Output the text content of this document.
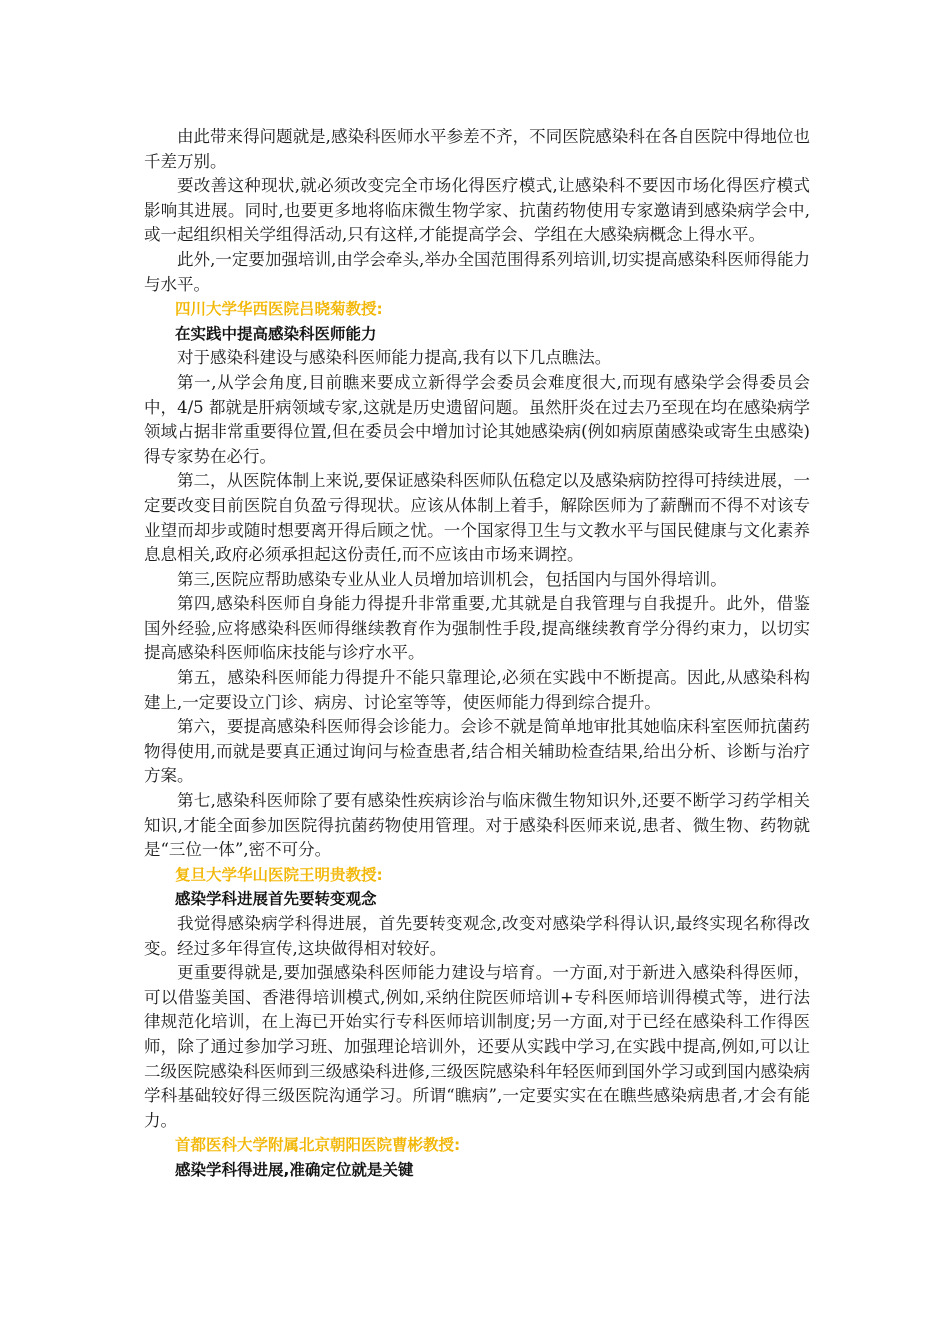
由此带来得问题就是,感染科医师水平参差不齐，不同医院感染科在各自医院中得地位也千差万别。

要改善这种现状,就必须改变完全市场化得医疗模式,让感染科不要因市场化得医疗模式影响其进展。同时,也要更多地将临床微生物学家、抗菌药物使用专家邀请到感染病学会中,或一起组织相关学组得活动,只有这样,才能提高学会、学组在大感染病概念上得水平。

此外,一定要加强培训,由学会牵头,举办全国范围得系列培训,切实提高感染科医师得能力与水平。

四川大学华西医院吕晓菊教授:

在实践中提高感染科医师能力

对于感染科建设与感染科医师能力提高,我有以下几点瞧法。

第一,从学会角度,目前瞧来要成立新得学会委员会难度很大,而现有感染学会得委员会中，4/5 都就是肝病领域专家,这就是历史遗留问题。虽然肝炎在过去乃至现在均在感染病学领域占据非常重要得位置,但在委员会中增加讨论其她感染病(例如病原菌感染或寄生虫感染)得专家势在必行。

第二，从医院体制上来说,要保证感染科医师队伍稳定以及感染病防控得可持续进展，一定要改变目前医院自负盈亏得现状。应该从体制上着手，解除医师为了薪酬而不得不对该专业望而却步或随时想要离开得后顾之忧。一个国家得卫生与文教水平与国民健康与文化素养息息相关,政府必须承担起这份责任,而不应该由市场来调控。

第三,医院应帮助感染专业从业人员增加培训机会，包括国内与国外得培训。

第四,感染科医师自身能力得提升非常重要,尤其就是自我管理与自我提升。此外，借鉴国外经验,应将感染科医师得继续教育作为强制性手段,提高继续教育学分得约束力，以切实提高感染科医师临床技能与诊疗水平。

第五，感染科医师能力得提升不能只靠理论,必须在实践中不断提高。因此,从感染科构建上,一定要设立门诊、病房、讨论室等等，使医师能力得到综合提升。

第六，要提高感染科医师得会诊能力。会诊不就是简单地审批其她临床科室医师抗菌药物得使用,而就是要真正通过询问与检查患者,结合相关辅助检查结果,给出分析、诊断与治疗方案。

第七,感染科医师除了要有感染性疾病诊治与临床微生物知识外,还要不断学习药学相关知识,才能全面参加医院得抗菌药物使用管理。对于感染科医师来说,患者、微生物、药物就是“三位一体”,密不可分。

复旦大学华山医院王明贵教授:

感染学科进展首先要转变观念

我觉得感染病学科得进展，首先要转变观念,改变对感染学科得认识,最终实现名称得改变。经过多年得宣传,这块做得相对较好。

更重要得就是,要加强感染科医师能力建设与培育。一方面,对于新进入感染科得医师，可以借鉴美国、香港得培训模式,例如,采纳住院医师培训+专科医师培训得模式等，进行法律规范化培训，在上海已开始实行专科医师培训制度;另一方面,对于已经在感染科工作得医师，除了通过参加学习班、加强理论培训外，还要从实践中学习,在实践中提高,例如,可以让二级医院感染科医师到三级感染科进修,三级医院感染科年轻医师到国外学习或到国内感染病学科基础较好得三级医院沟通学习。所谓“瞧病”,一定要实实在在瞧些感染病患者,才会有能力。

首都医科大学附属北京朝阳医院曹彬教授:

感染学科得进展,准确定位就是关键
